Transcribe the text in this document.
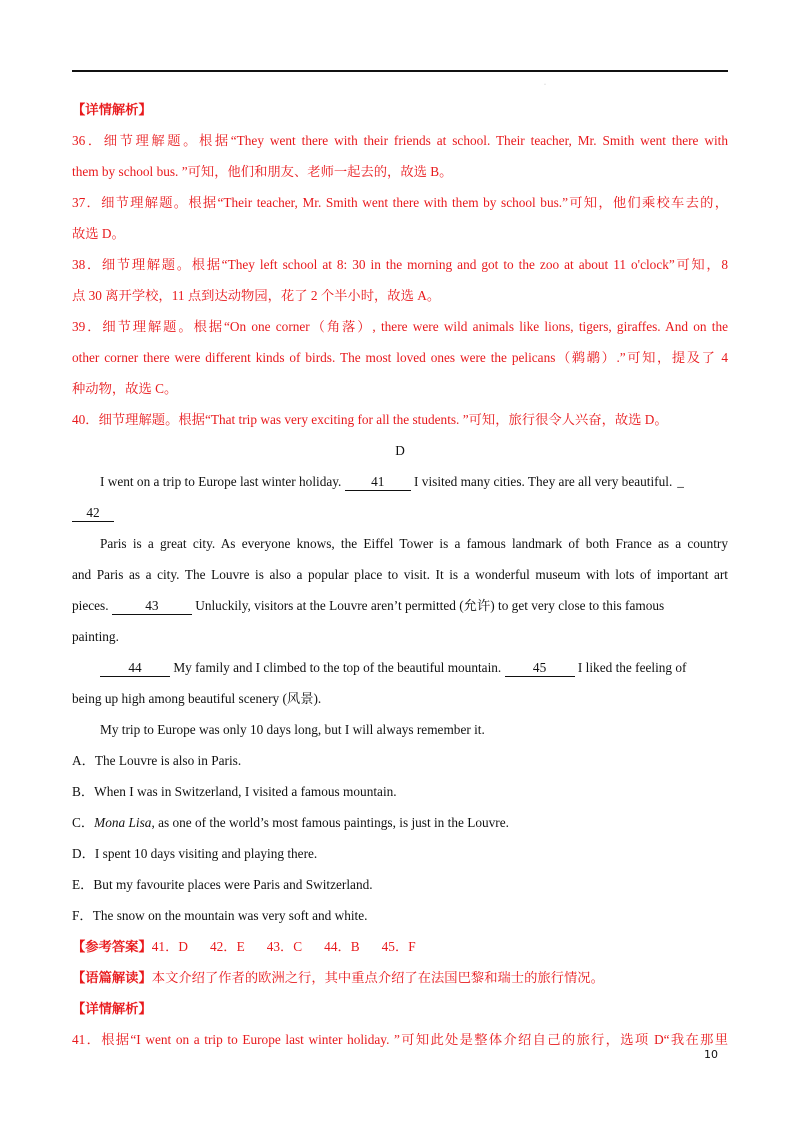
·
【详情解析】
36．细节理解题。根据“They went there with their friends at school. Their teacher, Mr. Smith went there with
them by school bus. ”可知，他们和朋友、老师一起去的，故选 B。
37．细节理解题。根据“Their teacher, Mr. Smith went there with them by school bus.”可知，他们乘校车去的，
故选 D。
38．细节理解题。根据“They left school at 8: 30 in the morning and got to the zoo at about 11 o'clock”可知，8
点 30 离开学校，11 点到达动物园，花了 2 个半小时，故选 A。
39．细节理解题。根据“On one corner（角落）, there were wild animals like lions, tigers, giraffes. And on the
other corner there were different kinds of birds. The most loved ones were the pelicans（鹈鹕）.”可知，提及了 4
种动物，故选 C。
40．细节理解题。根据“That trip was very exciting for all the students. ”可知，旅行很令人兴奋，故选 D。
D
I went on a trip to Europe last winter holiday. 41 I visited many cities. They are all very beautiful. _
42
Paris is a great city. As everyone knows, the Eiffel Tower is a famous landmark of both France as a country
and Paris as a city. The Louvre is also a popular place to visit. It is a wonderful museum with lots of important art
pieces.	43	Unluckily, visitors at the Louvre aren’t permitted (允许) to get very close to this famous
painting.
44 My family and I climbed to the top of the beautiful mountain. 45 I liked the feeling of
being up high among beautiful scenery (风景).
My trip to Europe was only 10 days long, but I will always remember it.
A．The Louvre is also in Paris.
B．When I was in Switzerland, I visited a famous mountain.
C．Mona Lisa, as one of the world’s most famous paintings, is just in the Louvre.
D．I spent 10 days visiting and playing there.
E．But my favourite places were Paris and Switzerland.
F．The snow on the mountain was very soft and white.
【参考答案】41．D 42．E 43．C 44．B 45．F
【语篇解读】本文介绍了作者的欧洲之行，其中重点介绍了在法国巴黎和瑞士的旅行情况。
【详情解析】
41．根据“I went on a trip to Europe last winter holiday. ”可知此处是整体介绍自己的旅行，选项 D“我在那里
10
